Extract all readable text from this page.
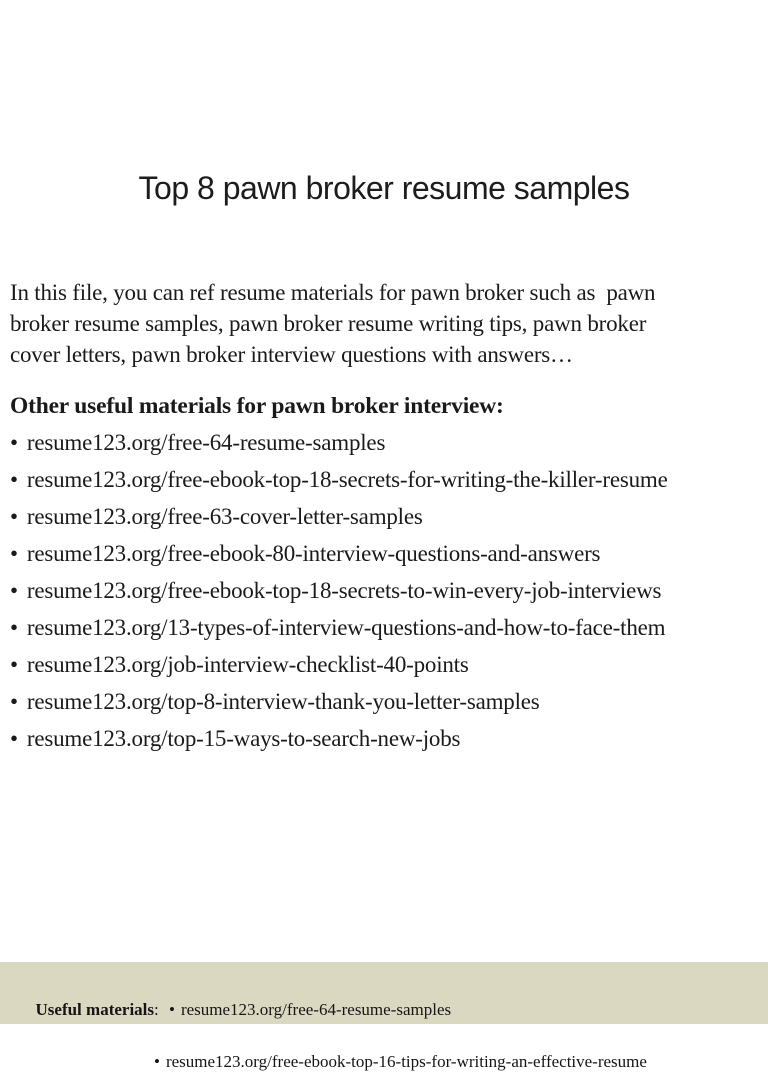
Top 8 pawn broker resume samples
In this file, you can ref resume materials for pawn broker such as  pawn
broker resume samples, pawn broker resume writing tips, pawn broker
cover letters, pawn broker interview questions with answers…
Other useful materials for pawn broker interview:
• resume123.org/free-64-resume-samples
• resume123.org/free-ebook-top-18-secrets-for-writing-the-killer-resume
• resume123.org/free-63-cover-letter-samples
• resume123.org/free-ebook-80-interview-questions-and-answers
• resume123.org/free-ebook-top-18-secrets-to-win-every-job-interviews
• resume123.org/13-types-of-interview-questions-and-how-to-face-them
• resume123.org/job-interview-checklist-40-points
• resume123.org/top-8-interview-thank-you-letter-samples
• resume123.org/top-15-ways-to-search-new-jobs

Useful materials: • resume123.org/free-64-resume-samples

• resume123.org/free-ebook-top-16-tips-for-writing-an-effective-resume
